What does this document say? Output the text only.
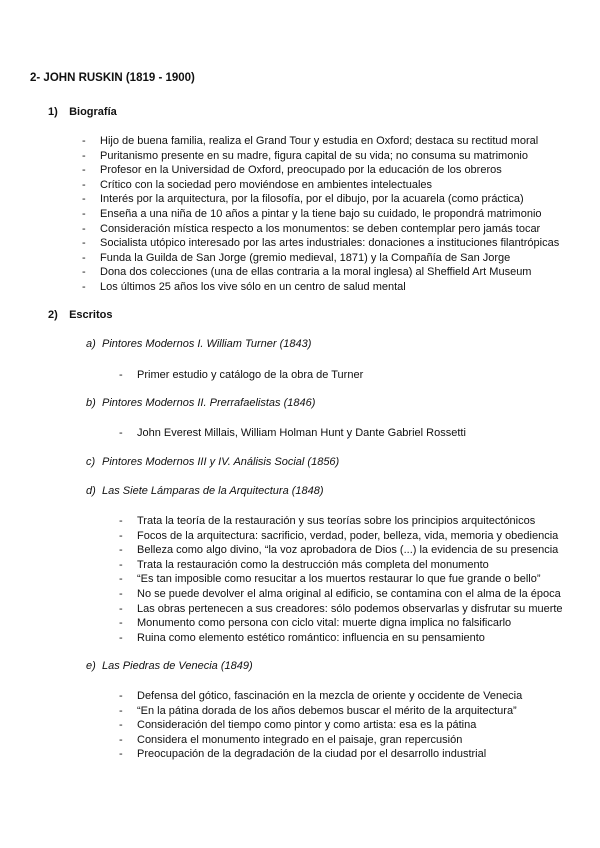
2- JOHN RUSKIN (1819 - 1900)
1) Biografía
- Hijo de buena familia, realiza el Grand Tour y estudia en Oxford; destaca su rectitud moral
- Puritanismo presente en su madre, figura capital de su vida; no consuma su matrimonio
- Profesor en la Universidad de Oxford, preocupado por la educación de los obreros
- Crítico con la sociedad pero moviéndose en ambientes intelectuales
- Interés por la arquitectura, por la filosofía, por el dibujo, por la acuarela (como práctica)
- Enseña a una niña de 10 años a pintar y la tiene bajo su cuidado, le propondrá matrimonio
- Consideración mística respecto a los monumentos: se deben contemplar pero jamás tocar
- Socialista utópico interesado por las artes industriales: donaciones a instituciones filantrópicas
- Funda la Guilda de San Jorge (gremio medieval, 1871) y la Compañía de San Jorge
- Dona dos colecciones (una de ellas contraria a la moral inglesa) al Sheffield Art Museum
- Los últimos 25 años los vive sólo en un centro de salud mental
2) Escritos
a) Pintores Modernos I. William Turner (1843)
- Primer estudio y catálogo de la obra de Turner
b) Pintores Modernos II. Prerrafaelistas (1846)
- John Everest Millais, William Holman Hunt y Dante Gabriel Rossetti
c) Pintores Modernos III y IV. Análisis Social (1856)
d) Las Siete Lámparas de la Arquitectura (1848)
- Trata la teoría de la restauración y sus teorías sobre los principios arquitectónicos
- Focos de la arquitectura: sacrificio, verdad, poder, belleza, vida, memoria y obediencia
- Belleza como algo divino, “la voz aprobadora de Dios (...) la evidencia de su presencia
- Trata la restauración como la destrucción más completa del monumento
- “Es tan imposible como resucitar a los muertos restaurar lo que fue grande o bello”
- No se puede devolver el alma original al edificio, se contamina con el alma de la época
- Las obras pertenecen a sus creadores: sólo podemos observarlas y disfrutar su muerte
- Monumento como persona con ciclo vital: muerte digna implica no falsificarlo
- Ruina como elemento estético romántico: influencia en su pensamiento
e) Las Piedras de Venecia (1849)
- Defensa del gótico, fascinación en la mezcla de oriente y occidente de Venecia
- “En la pátina dorada de los años debemos buscar el mérito de la arquitectura”
- Consideración del tiempo como pintor y como artista: esa es la pátina
- Considera el monumento integrado en el paisaje, gran repercusión
- Preocupación de la degradación de la ciudad por el desarrollo industrial
